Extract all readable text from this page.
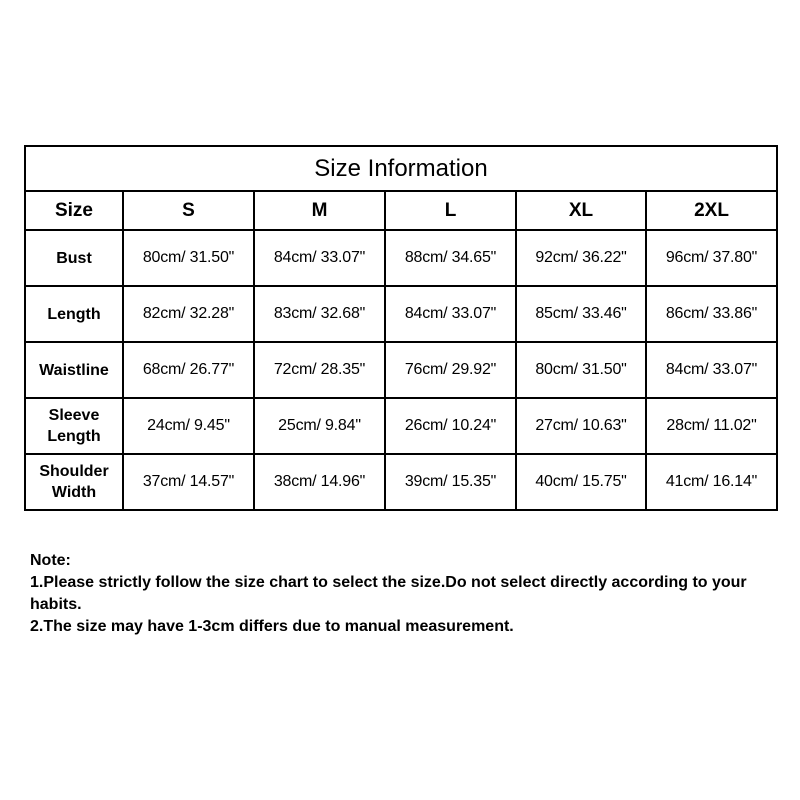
Size Information					
Size	S	M	L	XL	2XL

Bust	80cm/ 31.50"	84cm/ 33.07"	88cm/ 34.65"	92cm/ 36.22"	96cm/ 37.80"

Length	82cm/ 32.28"	83cm/ 32.68"	84cm/ 33.07"	85cm/ 33.46"	86cm/ 33.86"

Waistline	68cm/ 26.77"	72cm/ 28.35"	76cm/ 29.92"	80cm/ 31.50"	84cm/ 33.07"

Sleeve
Length	24cm/ 9.45"	25cm/ 9.84"	26cm/ 10.24"	27cm/ 10.63"	28cm/ 11.02"

Shoulder
Width	37cm/ 14.57"	38cm/ 14.96"	39cm/ 15.35"	40cm/ 15.75"	41cm/ 16.14"

Note:

1.Please strictly follow the size chart to select the size.Do not select directly according to your habits.

2.The size may have 1-3cm differs due to manual measurement.
